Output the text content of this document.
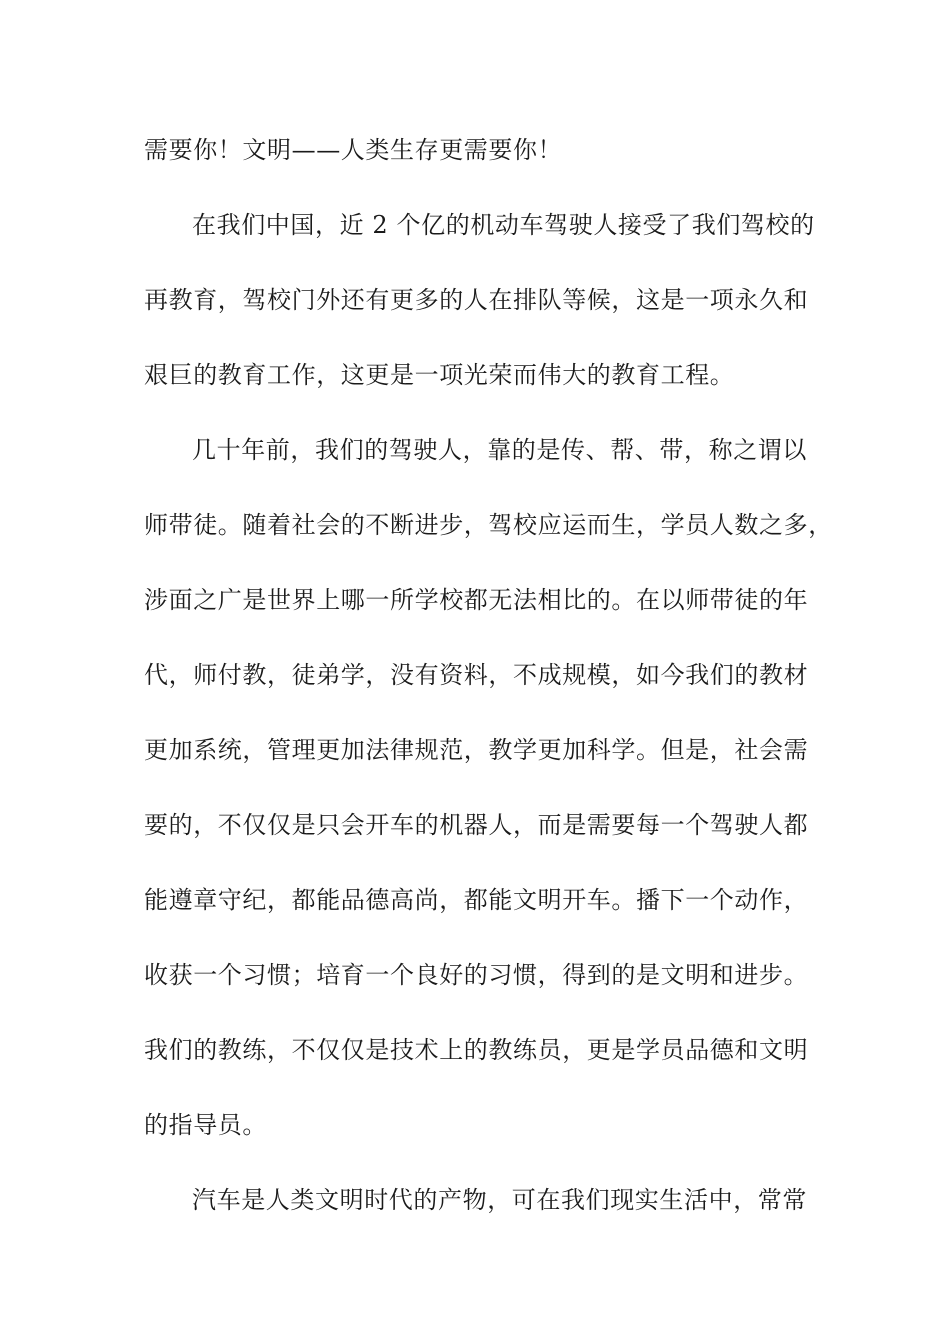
需要你！文明——人类生存更需要你！
在我们中国，近 2 个亿的机动车驾驶人接受了我们驾校的
再教育，驾校门外还有更多的人在排队等候，这是一项永久和
艰巨的教育工作，这更是一项光荣而伟大的教育工程。
几十年前，我们的驾驶人，靠的是传、帮、带，称之谓以
师带徒。随着社会的不断进步，驾校应运而生，学员人数之多，
涉面之广是世界上哪一所学校都无法相比的。在以师带徒的年
代，师付教，徒弟学，没有资料，不成规模，如今我们的教材
更加系统，管理更加法律规范，教学更加科学。但是，社会需
要的，不仅仅是只会开车的机器人，而是需要每一个驾驶人都
能遵章守纪，都能品德高尚，都能文明开车。播下一个动作，
收获一个习惯；培育一个良好的习惯，得到的是文明和进步。
我们的教练，不仅仅是技术上的教练员，更是学员品德和文明
的指导员。
汽车是人类文明时代的产物，可在我们现实生活中，常常
